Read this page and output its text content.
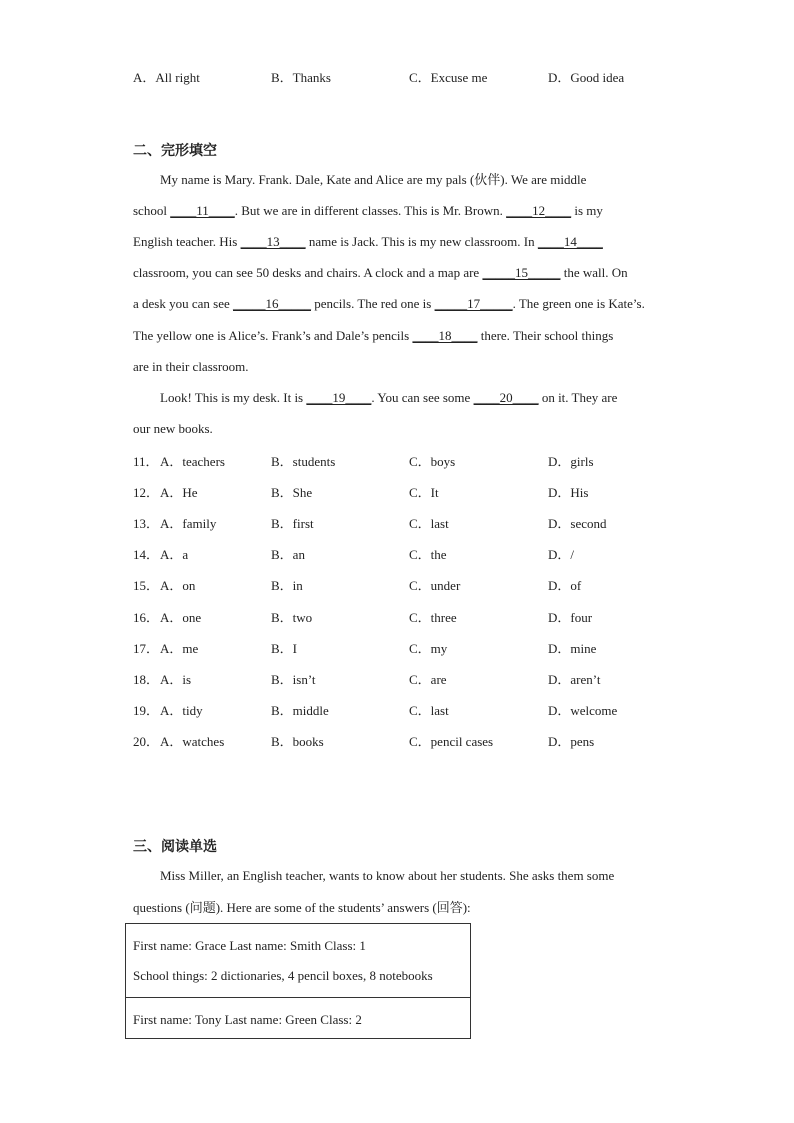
A．All right	B．Thanks	C．Excuse me	D．Good idea
二、完形填空
My name is Mary. Frank. Dale, Kate and Alice are my pals (伙伴). We are middle
school ____11____. But we are in different classes. This is Mr. Brown. ____12____ is my
English teacher. His ____13____ name is Jack. This is my new classroom. In ____14____
classroom, you can see 50 desks and chairs. A clock and a map are _____15_____ the wall. On
a desk you can see _____16_____ pencils. The red one is _____17_____. The green one is Kate’s.
The yellow one is Alice’s. Frank’s and Dale’s pencils ____18____ there. Their school things
are in their classroom.
Look! This is my desk. It is ____19____. You can see some ____20____ on it. They are
our new books.
11． A．teachers	B．students	C．boys	D．girls
12． A．He	B．She	C．It	D．His
13． A．family	B．first	C．last	D．second
14． A．a	B．an	C．the	D．/
15． A．on	B．in	C．under	D．of
16． A．one	B．two	C．three	D．four
17． A．me	B．I	C．my	D．mine
18． A．is	B．isn’t	C．are	D．aren’t
19． A．tidy	B．middle	C．last	D．welcome
20． A．watches	B．books	C．pencil cases	D．pens
三、阅读单选
Miss Miller, an English teacher, wants to know about her students. She asks them some
questions (问题). Here are some of the students’ answers (回答):
First name: Grace Last name: Smith Class: 1
School things: 2 dictionaries, 4 pencil boxes, 8 notebooks
First name: Tony Last name: Green Class: 2
